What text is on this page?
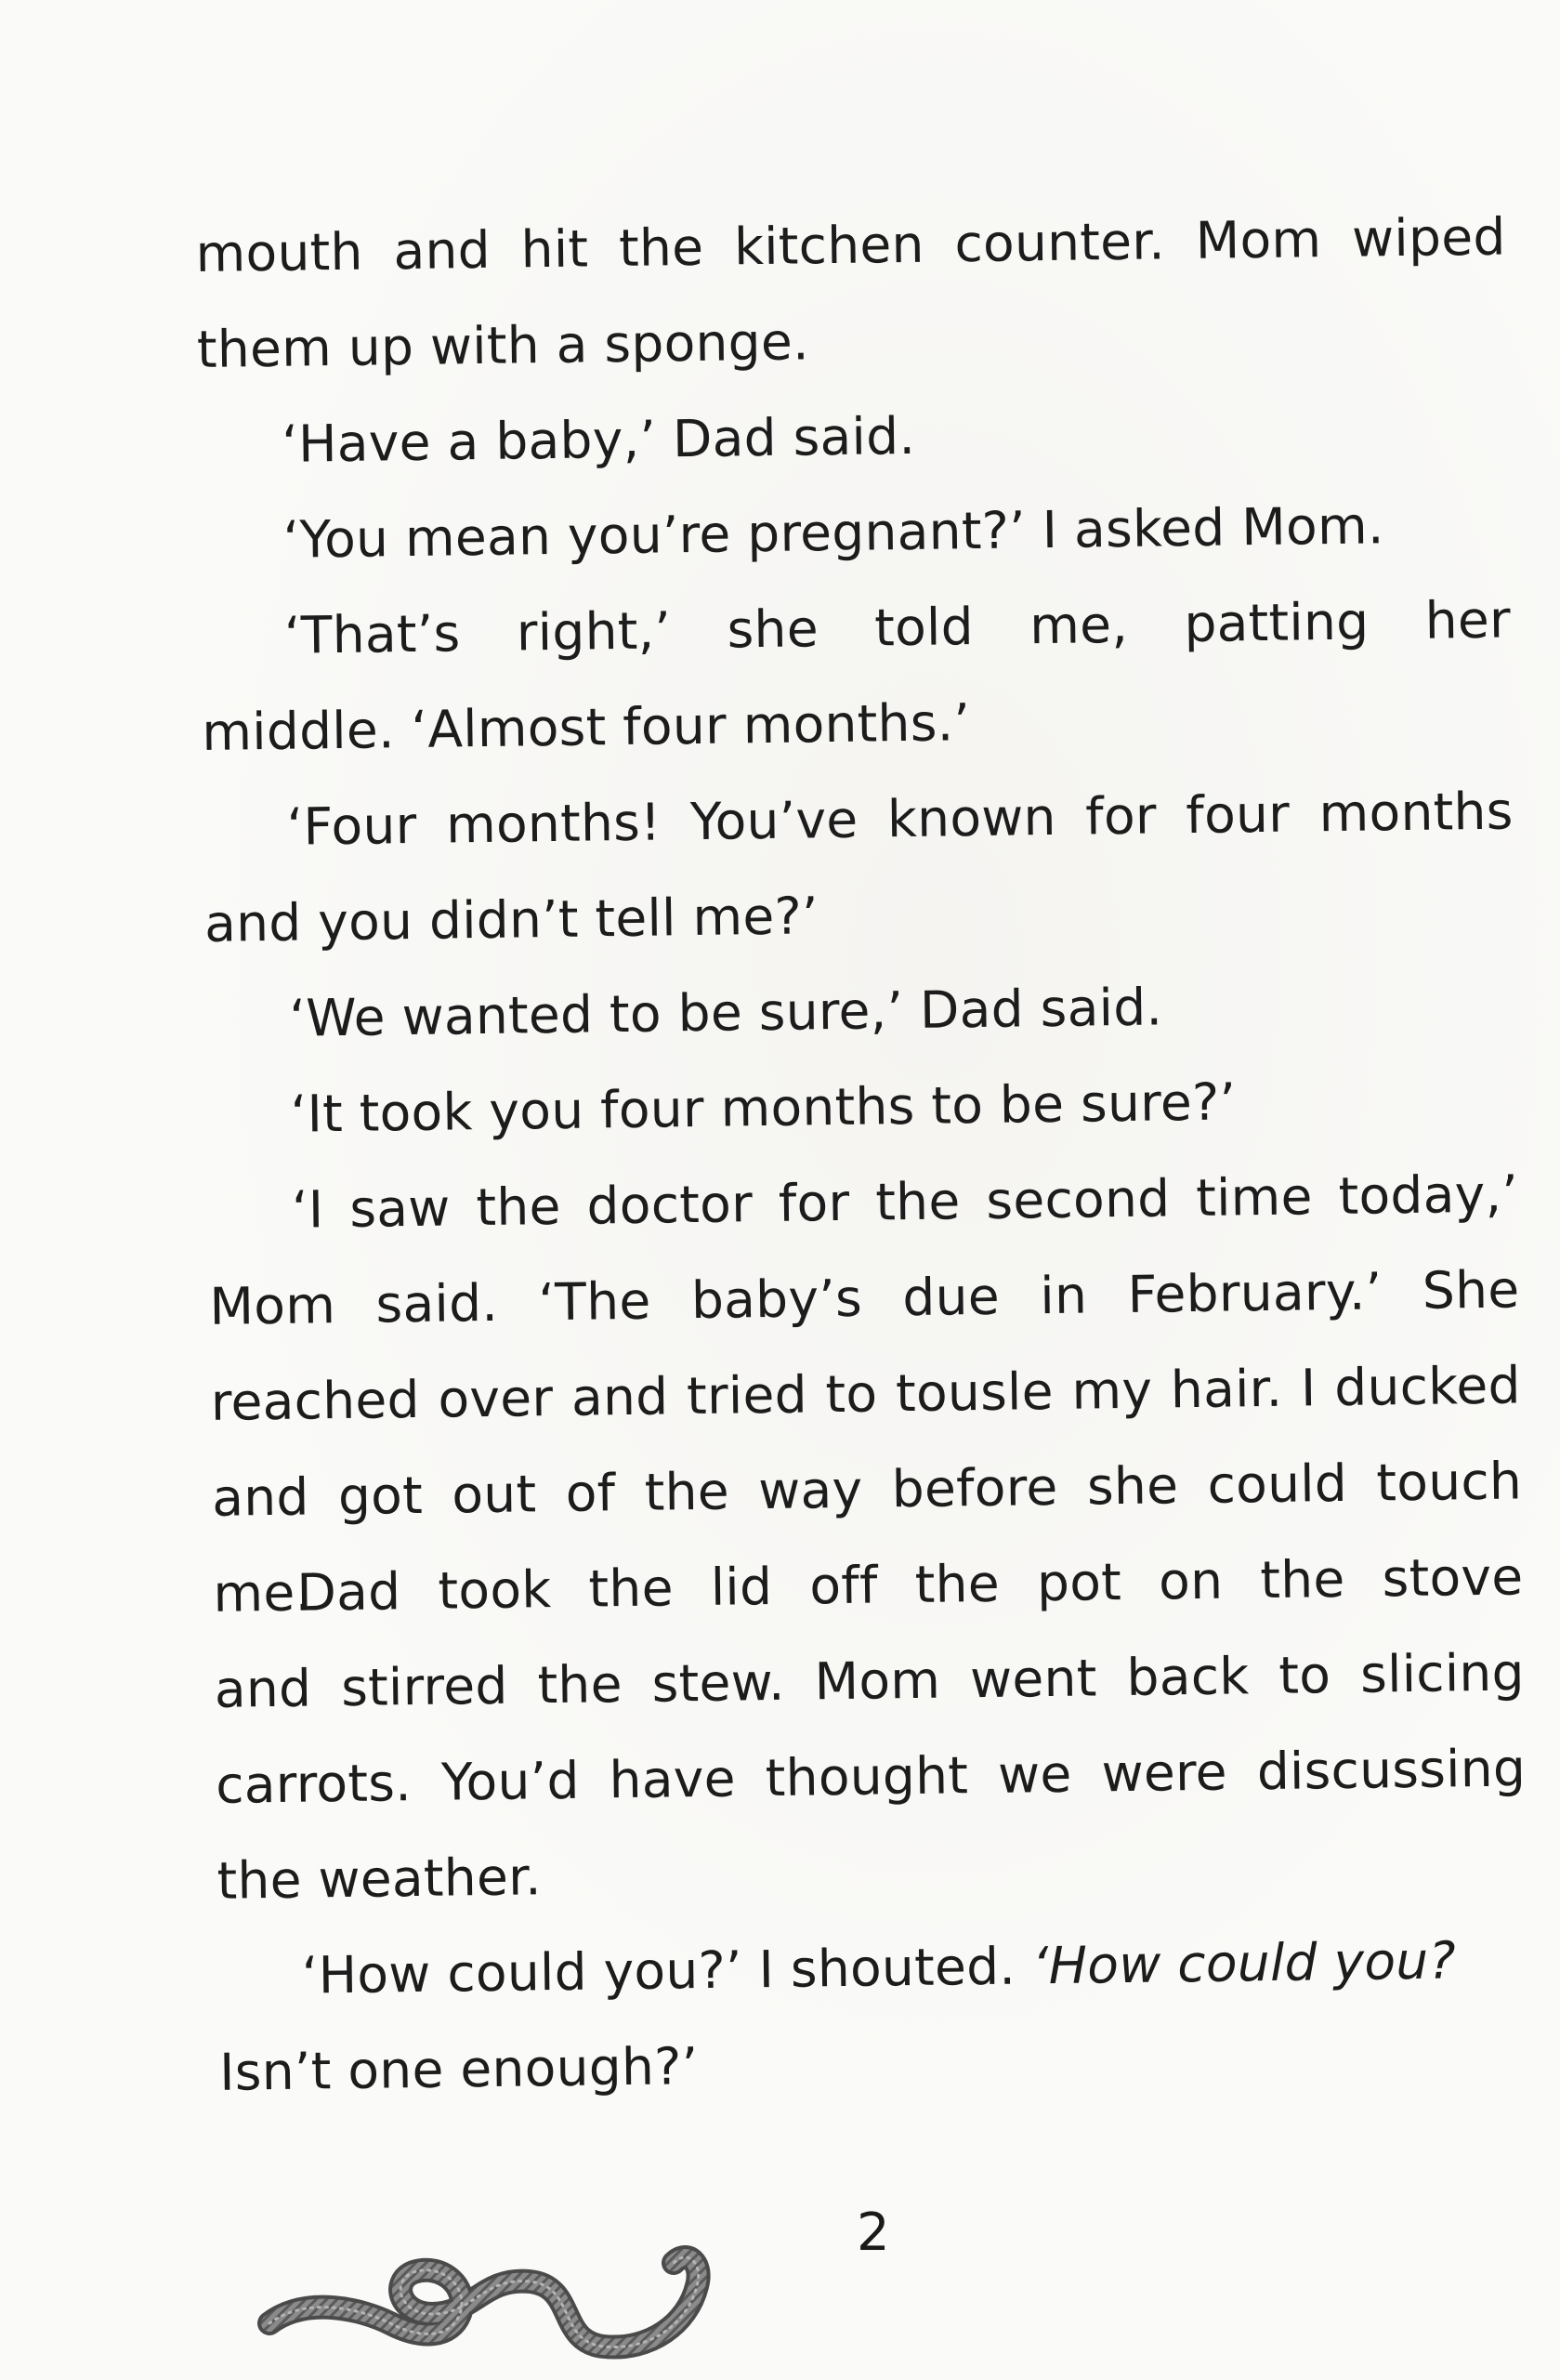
mouth and hit the kitchen counter. Mom wiped
them up with a sponge.
‘Have a baby,’ Dad said.
‘You mean you’re pregnant?’ I asked Mom.
‘That’s right,’ she told me, patting her
middle. ‘Almost four months.’
‘Four months! You’ve known for four months
and you didn’t tell me?’
‘We wanted to be sure,’ Dad said.
‘It took you four months to be sure?’
‘I saw the doctor for the second time today,’
Mom said. ‘The baby’s due in February.’ She
reached over and tried to tousle my hair. I ducked
and got out of the way before she could touch me.
Dad took the lid off the pot on the stove
and stirred the stew. Mom went back to slicing
carrots. You’d have thought we were discussing
the weather.
‘How could you?’ I shouted. ‘How could you?
Isn’t one enough?’
2
